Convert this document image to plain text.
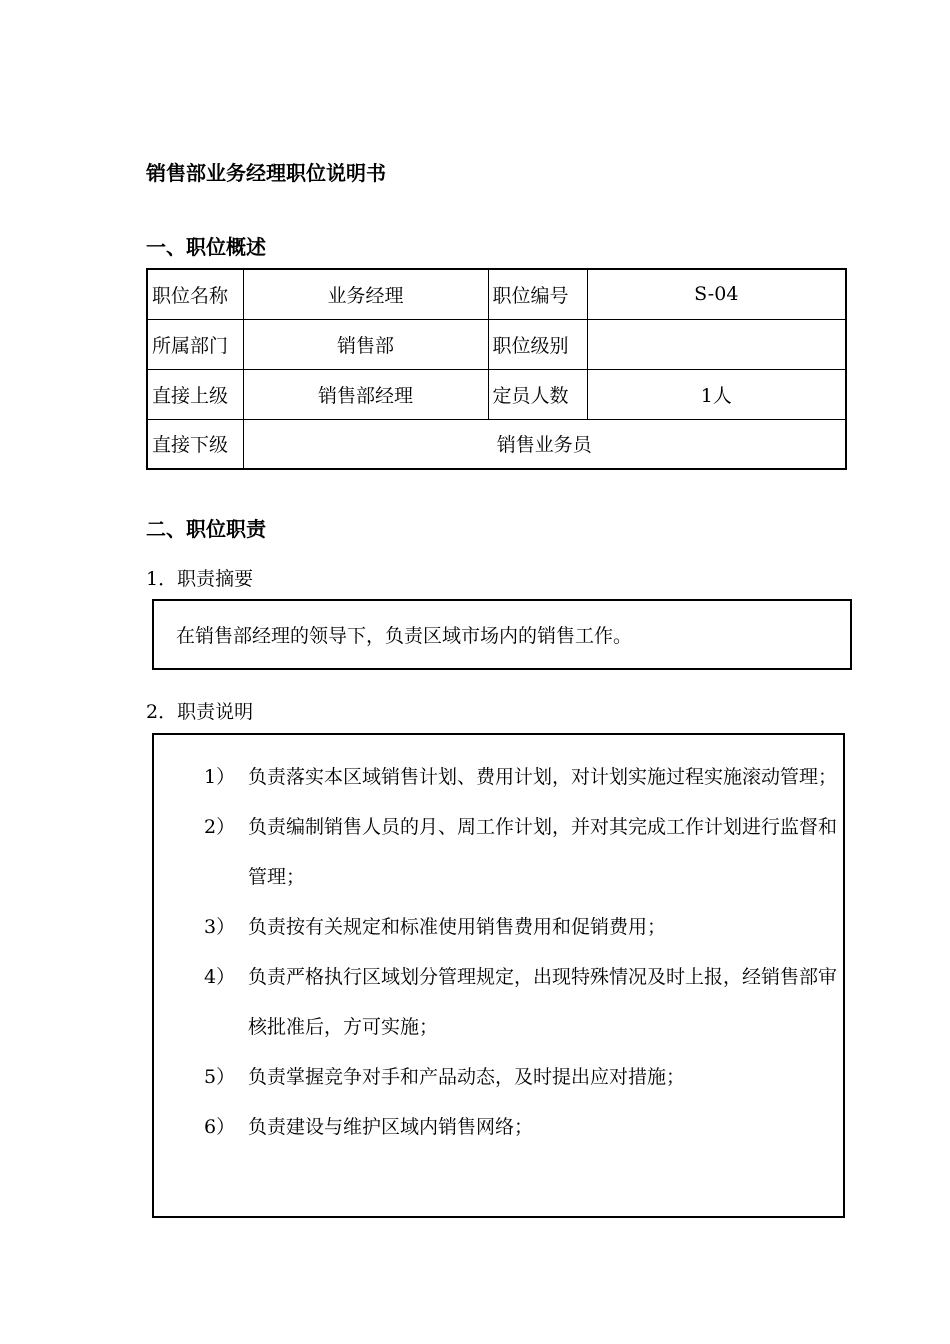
销售部业务经理职位说明书
一、职位概述
职位名称	业务经理	职位编号	S-04
所属部门	销售部	职位级别	
直接上级	销售部经理	定员人数	1人
直接下级	销售业务员		
二、职位职责

1．职责摘要

在销售部经理的领导下，负责区域市场内的销售工作。

2．职责说明

1） 负责落实本区域销售计划、费用计划，对计划实施过程实施滚动管理；
2） 负责编制销售人员的月、周工作计划，并对其完成工作计划进行监督和管理；
3） 负责按有关规定和标准使用销售费用和促销费用；
4） 负责严格执行区域划分管理规定，出现特殊情况及时上报，经销售部审核批准后，方可实施；
5） 负责掌握竞争对手和产品动态，及时提出应对措施；
6） 负责建设与维护区域内销售网络；
